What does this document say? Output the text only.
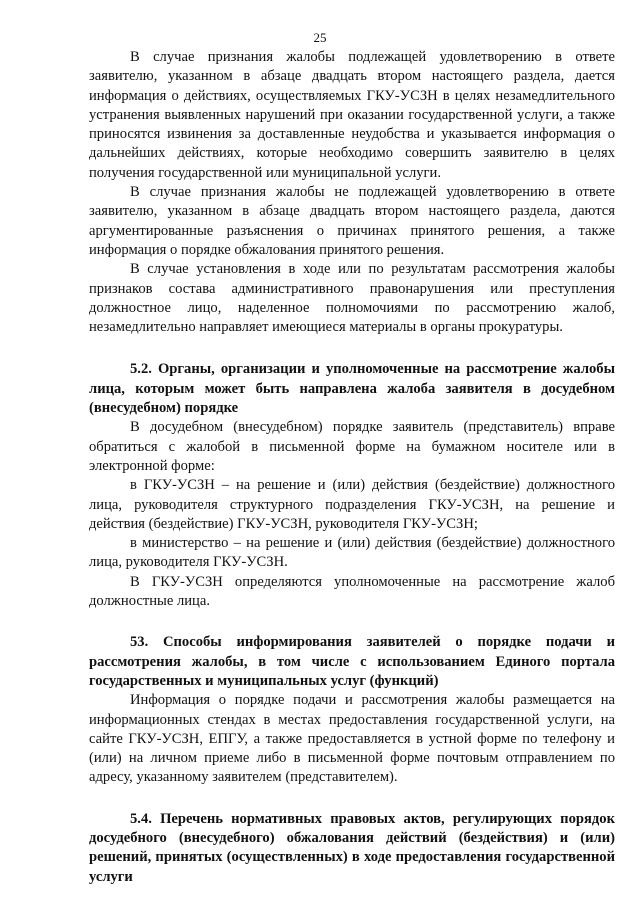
25

В случае признания жалобы подлежащей удовлетворению в ответе заявителю, указанном в абзаце двадцать втором настоящего раздела, дается информация о действиях, осуществляемых ГКУ-УСЗН в целях незамедлительного устранения выявленных нарушений при оказании государственной услуги, а также приносятся извинения за доставленные неудобства и указывается информация о дальнейших действиях, которые необходимо совершить заявителю в целях получения государственной или муниципальной услуги.

В случае признания жалобы не подлежащей удовлетворению в ответе заявителю, указанном в абзаце двадцать втором настоящего раздела, даются аргументированные разъяснения о причинах принятого решения, а также информация о порядке обжалования принятого решения.

В случае установления в ходе или по результатам рассмотрения жалобы признаков состава административного правонарушения или преступления должностное лицо, наделенное полномочиями по рассмотрению жалоб, незамедлительно направляет имеющиеся материалы в органы прокуратуры.

5.2. Органы, организации и уполномоченные на рассмотрение жалобы лица, которым может быть направлена жалоба заявителя в досудебном (внесудебном) порядке

В досудебном (внесудебном) порядке заявитель (представитель) вправе обратиться с жалобой в письменной форме на бумажном носителе или в электронной форме:

в ГКУ-УСЗН – на решение и (или) действия (бездействие) должностного лица, руководителя структурного подразделения ГКУ-УСЗН, на решение и действия (бездействие) ГКУ-УСЗН, руководителя ГКУ-УСЗН;

в министерство – на решение и (или) действия (бездействие) должностного лица, руководителя ГКУ-УСЗН.

В ГКУ-УСЗН определяются уполномоченные на рассмотрение жалоб должностные лица.

53. Способы информирования заявителей о порядке подачи и рассмотрения жалобы, в том числе с использованием Единого портала государственных и муниципальных услуг (функций)

Информация о порядке подачи и рассмотрения жалобы размещается на информационных стендах в местах предоставления государственной услуги, на сайте ГКУ-УСЗН, ЕПГУ, а также предоставляется в устной форме по телефону и (или) на личном приеме либо в письменной форме почтовым отправлением по адресу, указанному заявителем (представителем).

5.4. Перечень нормативных правовых актов, регулирующих порядок досудебного (внесудебного) обжалования действий (бездействия) и (или) решений, принятых (осуществленных) в ходе предоставления государственной услуги
